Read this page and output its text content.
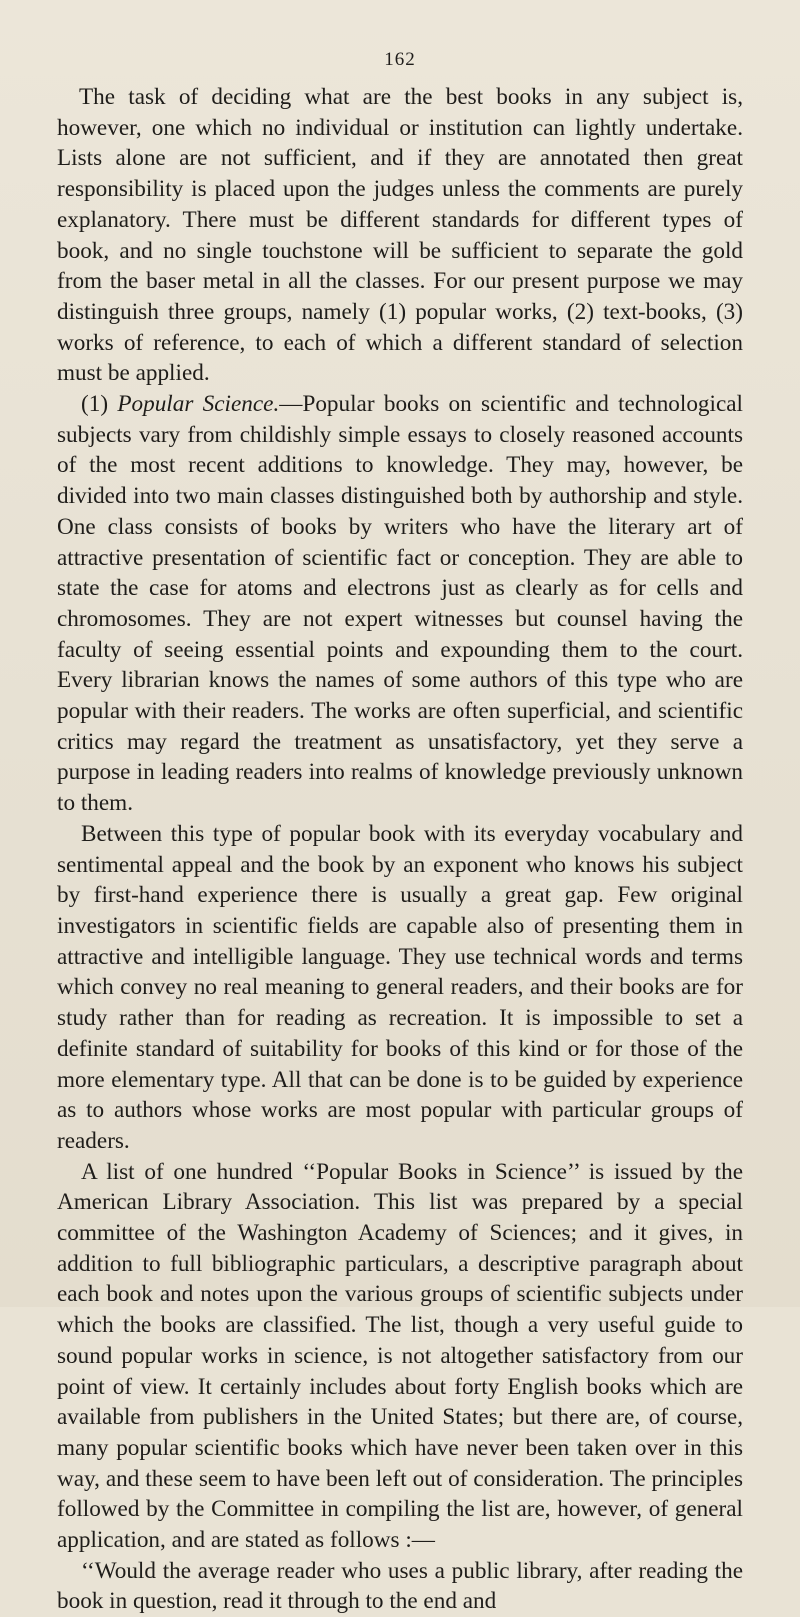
162

The task of deciding what are the best books in any subject is, however, one which no individual or institution can lightly undertake. Lists alone are not sufficient, and if they are annotated then great responsibility is placed upon the judges unless the comments are purely explanatory. There must be different standards for different types of book, and no single touchstone will be sufficient to separate the gold from the baser metal in all the classes. For our present purpose we may distinguish three groups, namely (1) popular works, (2) text-books, (3) works of reference, to each of which a different standard of selection must be applied.

(1) Popular Science.—Popular books on scientific and technological subjects vary from childishly simple essays to closely reasoned accounts of the most recent additions to knowledge. They may, however, be divided into two main classes distinguished both by authorship and style. One class consists of books by writers who have the literary art of attractive presentation of scientific fact or conception. They are able to state the case for atoms and electrons just as clearly as for cells and chromosomes. They are not expert witnesses but counsel having the faculty of seeing essential points and expounding them to the court. Every librarian knows the names of some authors of this type who are popular with their readers. The works are often superficial, and scientific critics may regard the treatment as unsatisfactory, yet they serve a purpose in leading readers into realms of knowledge previously unknown to them.

Between this type of popular book with its everyday vocabulary and sentimental appeal and the book by an exponent who knows his subject by first-hand experience there is usually a great gap. Few original investigators in scientific fields are capable also of presenting them in attractive and intelligible language. They use technical words and terms which convey no real meaning to general readers, and their books are for study rather than for reading as recreation. It is impossible to set a definite standard of suitability for books of this kind or for those of the more elementary type. All that can be done is to be guided by experience as to authors whose works are most popular with particular groups of readers.

A list of one hundred ‘‘Popular Books in Science’’ is issued by the American Library Association. This list was prepared by a special committee of the Washington Academy of Sciences; and it gives, in addition to full bibliographic particulars, a descriptive paragraph about each book and notes upon the various groups of scientific subjects under which the books are classified. The list, though a very useful guide to sound popular works in science, is not altogether satisfactory from our point of view. It certainly includes about forty English books which are available from publishers in the United States; but there are, of course, many popular scientific books which have never been taken over in this way, and these seem to have been left out of consideration. The principles followed by the Committee in compiling the list are, however, of general application, and are stated as follows :—

‘‘Would the average reader who uses a public library, after reading the book in question, read it through to the end and
